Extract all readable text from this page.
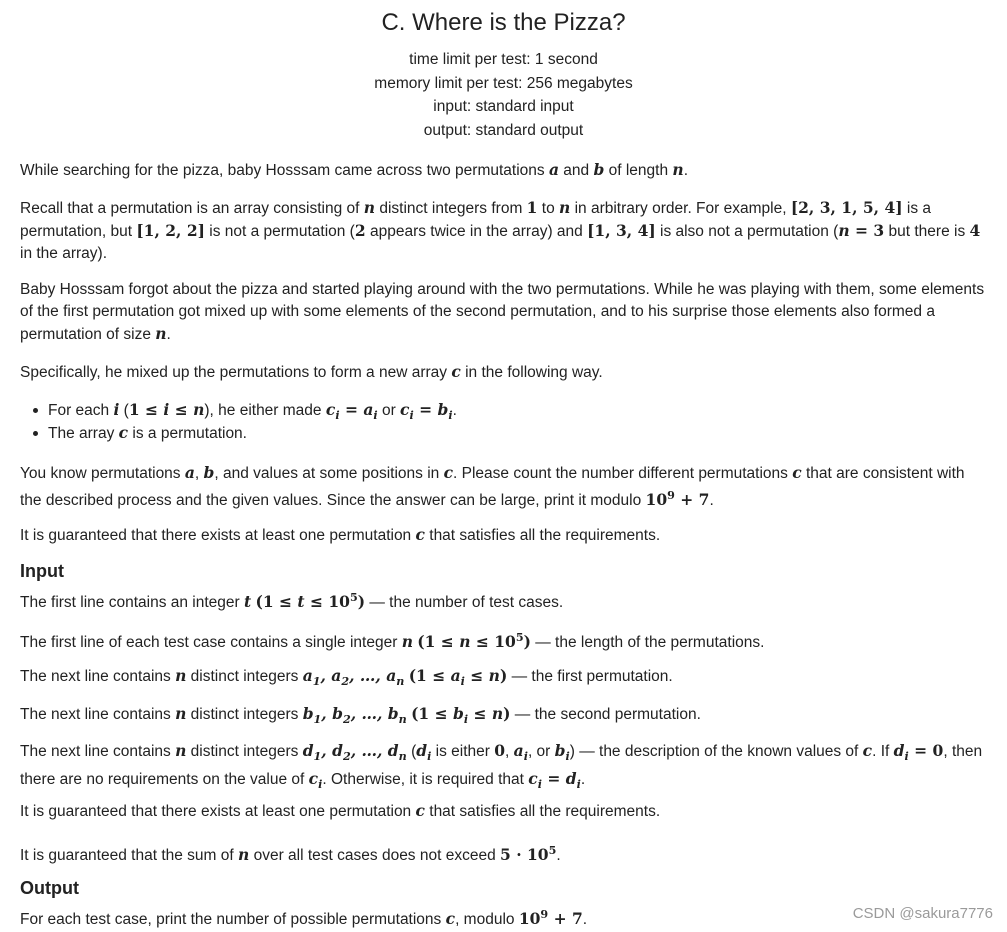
C. Where is the Pizza?
time limit per test: 1 second
memory limit per test: 256 megabytes
input: standard input
output: standard output

While searching for the pizza, baby Hosssam came across two permutations a and b of length n.

Recall that a permutation is an array consisting of n distinct integers from 1 to n in arbitrary order. For example, [2, 3, 1, 5, 4] is a permutation, but [1, 2, 2] is not a permutation (2 appears twice in the array) and [1, 3, 4] is also not a permutation (n = 3 but there is 4 in the array).

Baby Hosssam forgot about the pizza and started playing around with the two permutations. While he was playing with them, some elements of the first permutation got mixed up with some elements of the second permutation, and to his surprise those elements also formed a permutation of size n.

Specifically, he mixed up the permutations to form a new array c in the following way.

For each i (1 ≤ i ≤ n), he either made $c_i = a_i$ or $c_i = b_i$.
The array c is a permutation.

You know permutations a, b, and values at some positions in c. Please count the number different permutations c that are consistent with the described process and the given values. Since the answer can be large, print it modulo $10^9 + 7$.

It is guaranteed that there exists at least one permutation c that satisfies all the requirements.

Input

The first line contains an integer t $(1 \le t \le 10^5)$ — the number of test cases.

The first line of each test case contains a single integer n $(1 \le n \le 10^5)$ — the length of the permutations.

The next line contains n distinct integers $a_1$, $a_2$, …, $a_n$ $(1 \le a_i \le n)$ — the first permutation.

The next line contains n distinct integers $b_1$, $b_2$, …, $b_n$ $(1 \le b_i \le n)$ — the second permutation.

The next line contains n distinct integers $d_1$, $d_2$, …, $d_n$ ($d_i$ is either 0, $a_i$, or $b_i$) — the description of the known values of c. If $d_i = 0$, then there are no requirements on the value of $c_i$. Otherwise, it is required that $c_i = d_i$.

It is guaranteed that there exists at least one permutation c that satisfies all the requirements.

It is guaranteed that the sum of n over all test cases does not exceed $5 \cdot 10^5$.

Output

For each test case, print the number of possible permutations c, modulo $10^9 + 7$.	CSDN @sakura7776
